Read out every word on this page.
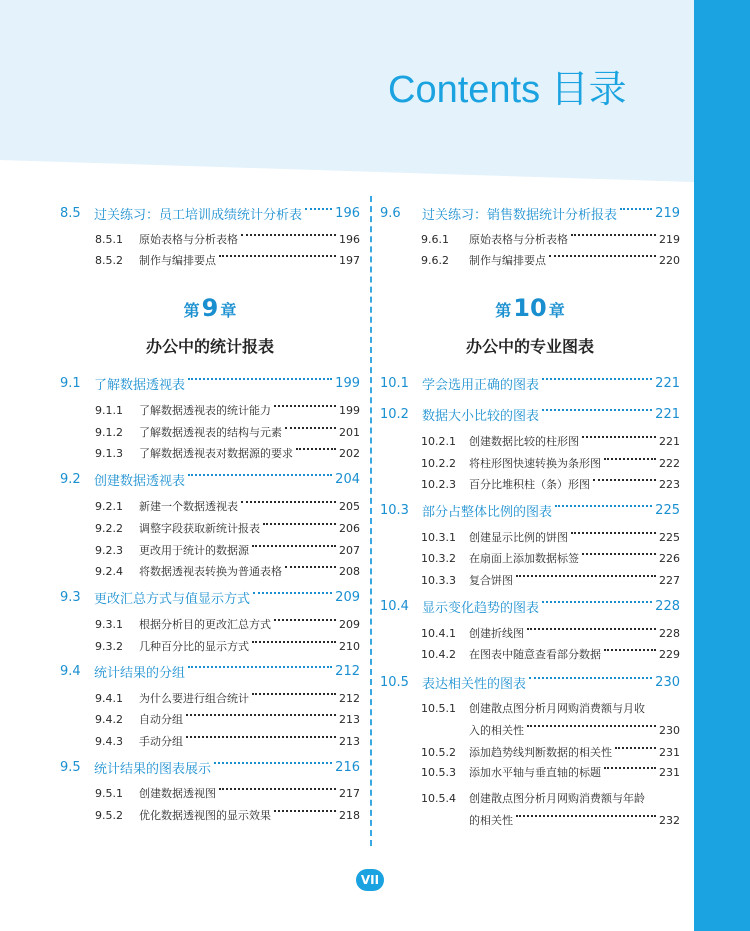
Contents 目录
8.5	过关练习：员工培训成绩统计分析表	196
8.5.1	原始表格与分析表格	196
8.5.2	制作与编排要点	197
第9 章
办公中的统计报表
9.1	了解数据透视表	199
9.1.1	了解数据透视表的统计能力	199
9.1.2	了解数据透视表的结构与元素	201
9.1.3	了解数据透视表对数据源的要求	202
9.2	创建数据透视表	204
9.2.1	新建一个数据透视表	205
9.2.2	调整字段获取新统计报表	206
9.2.3	更改用于统计的数据源	207
9.2.4	将数据透视表转换为普通表格	208
9.3	更改汇总方式与值显示方式	209
9.3.1	根据分析目的更改汇总方式	209
9.3.2	几种百分比的显示方式	210
9.4	统计结果的分组	212
9.4.1	为什么要进行组合统计	212
9.4.2	自动分组	213
9.4.3	手动分组	213
9.5	统计结果的图表展示	216
9.5.1	创建数据透视图	217
9.5.2	优化数据透视图的显示效果	218
9.6	过关练习：销售数据统计分析报表	219
9.6.1	原始表格与分析表格	219
9.6.2	制作与编排要点	220
第10 章
办公中的专业图表
10.1	学会选用正确的图表	221
10.2	数据大小比较的图表	221
10.2.1	创建数据比较的柱形图	221
10.2.2	将柱形图快速转换为条形图	222
10.2.3	百分比堆积柱（条）形图	223
10.3	部分占整体比例的图表	225
10.3.1	创建显示比例的饼图	225
10.3.2	在扇面上添加数据标签	226
10.3.3	复合饼图	227
10.4	显示变化趋势的图表	228
10.4.1	创建折线图	228
10.4.2	在图表中随意查看部分数据	229
10.5	表达相关性的图表	230
10.5.1	创建散点图分析月网购消费额与月收
入的相关性	230
10.5.2	添加趋势线判断数据的相关性	231
10.5.3	添加水平轴与垂直轴的标题	231
10.5.4	创建散点图分析月网购消费额与年龄
的相关性	232
VII
